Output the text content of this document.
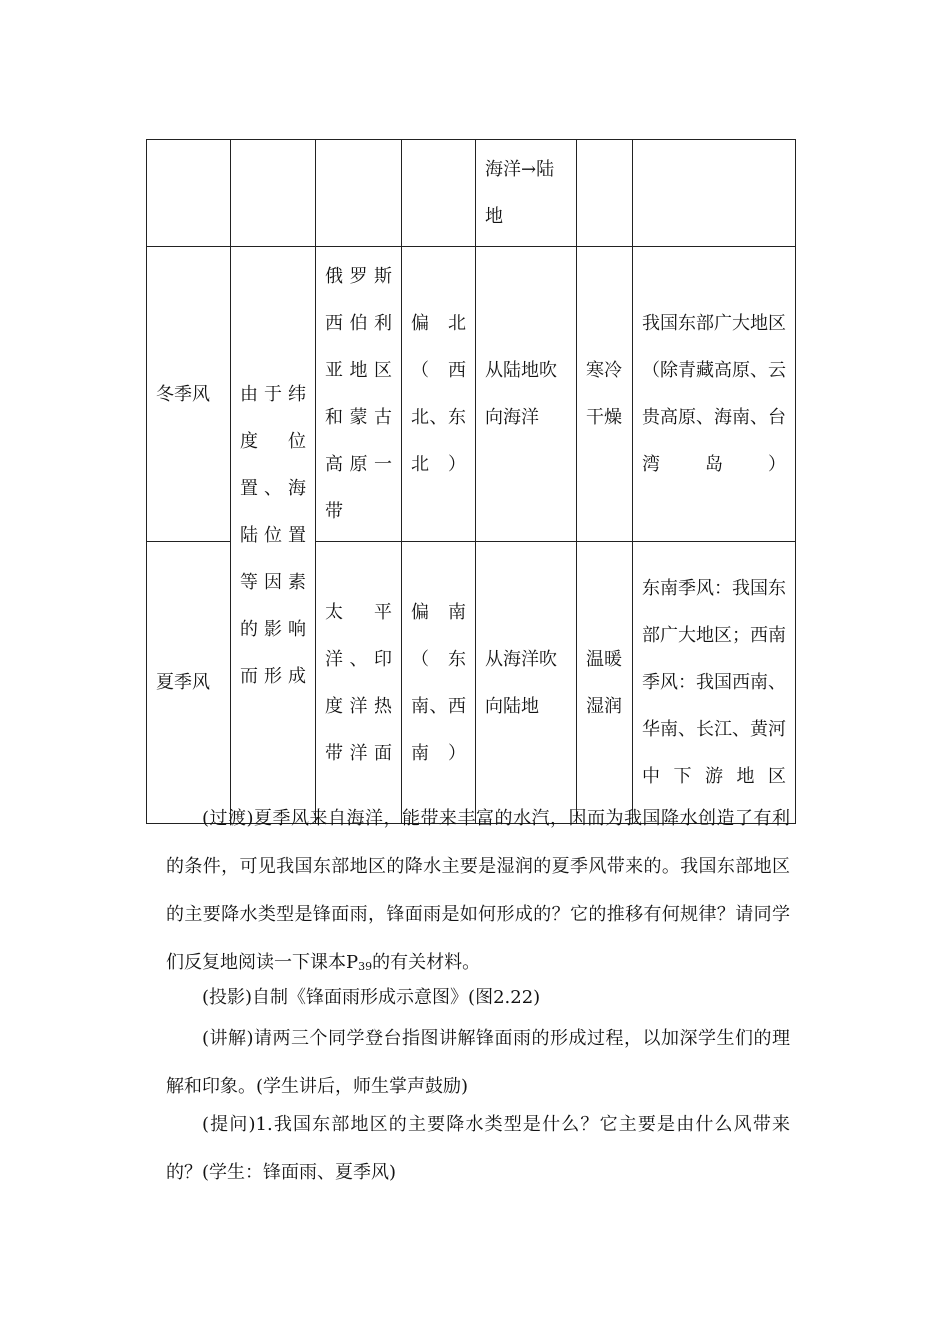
				海洋→陆地		
冬季风	由于纬度位置、海陆位置等因素的影响而形成	俄罗斯西伯利亚地区和蒙古高原一带	偏北（西北、东北）	从陆地吹向海洋	寒冷干燥	我国东部广大地区（除青藏高原、云贵高原、海南、台湾岛）
夏季风		太平洋、印度洋热带洋面	偏南（东南、西南）	从海洋吹向陆地	温暖湿润	东南季风：我国东部广大地区；西南季风：我国西南、华南、长江、黄河中下游地区

(过渡)夏季风来自海洋，能带来丰富的水汽，因而为我国降水创造了有利的条件，可见我国东部地区的降水主要是湿润的夏季风带来的。我国东部地区的主要降水类型是锋面雨，锋面雨是如何形成的？它的推移有何规律？请同学们反复地阅读一下课本$P_{39}$的有关材料。

(投影)自制《锋面雨形成示意图》(图2.22)

(讲解)请两三个同学登台指图讲解锋面雨的形成过程，以加深学生们的理解和印象。(学生讲后，师生掌声鼓励)

(提问)1.我国东部地区的主要降水类型是什么？它主要是由什么风带来的？(学生：锋面雨、夏季风)
